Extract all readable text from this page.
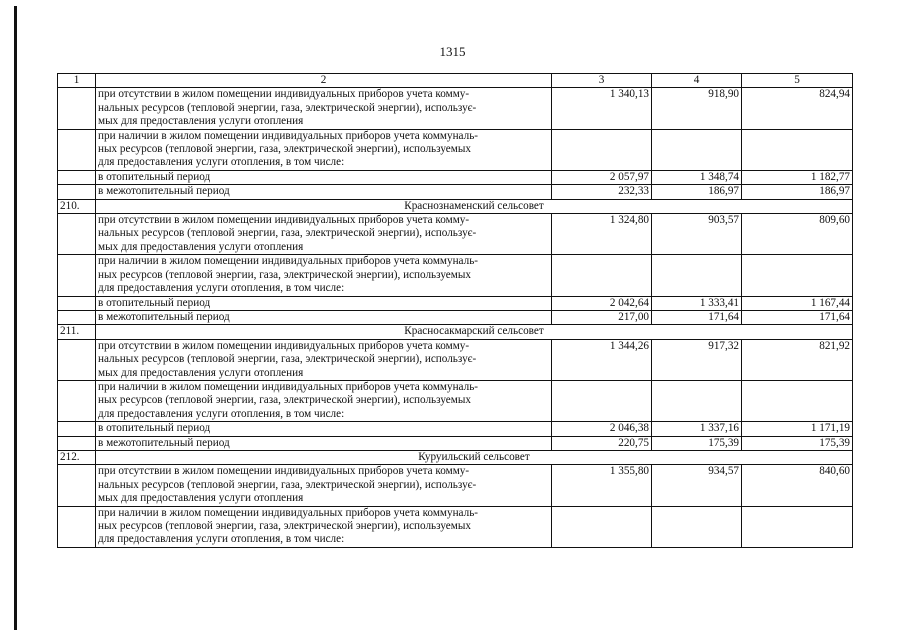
1315
1	2	3	4	5

	при отсутствии в жилом помещении индивидуальных приборов учета комму-
нальных ресурсов (тепловой энергии, газа, электрической энергии), использує-
мых для предоставления услуги отопления	1 340,13	918,90	824,94

	при наличии в жилом помещении индивидуальных приборов учета коммуналь-
ных ресурсов (тепловой энергии, газа, электрической энергии), используемых
для предоставления услуги отопления, в том числе:			

	в отопительный период	2 057,97	1 348,74	1 182,77

	в межотопительный период	232,33	186,97	186,97
210.	Краснознаменский сельсовет			

	при отсутствии в жилом помещении индивидуальных приборов учета комму-
нальных ресурсов (тепловой энергии, газа, электрической энергии), использує-
мых для предоставления услуги отопления	1 324,80	903,57	809,60

	при наличии в жилом помещении индивидуальных приборов учета коммуналь-
ных ресурсов (тепловой энергии, газа, электрической энергии), используемых
для предоставления услуги отопления, в том числе:			

	в отопительный период	2 042,64	1 333,41	1 167,44

	в межотопительный период	217,00	171,64	171,64
211.	Красносакмарский сельсовет			

	при отсутствии в жилом помещении индивидуальных приборов учета комму-
нальных ресурсов (тепловой энергии, газа, электрической энергии), использує-
мых для предоставления услуги отопления	1 344,26	917,32	821,92

	при наличии в жилом помещении индивидуальных приборов учета коммуналь-
ных ресурсов (тепловой энергии, газа, электрической энергии), используемых
для предоставления услуги отопления, в том числе:			

	в отопительный период	2 046,38	1 337,16	1 171,19

	в межотопительный период	220,75	175,39	175,39
212.	Куруильский сельсовет			

	при отсутствии в жилом помещении индивидуальных приборов учета комму-
нальных ресурсов (тепловой энергии, газа, электрической энергии), использує-
мых для предоставления услуги отопления	1 355,80	934,57	840,60

	при наличии в жилом помещении индивидуальных приборов учета коммуналь-
ных ресурсов (тепловой энергии, газа, электрической энергии), используемых
для предоставления услуги отопления, в том числе:			
